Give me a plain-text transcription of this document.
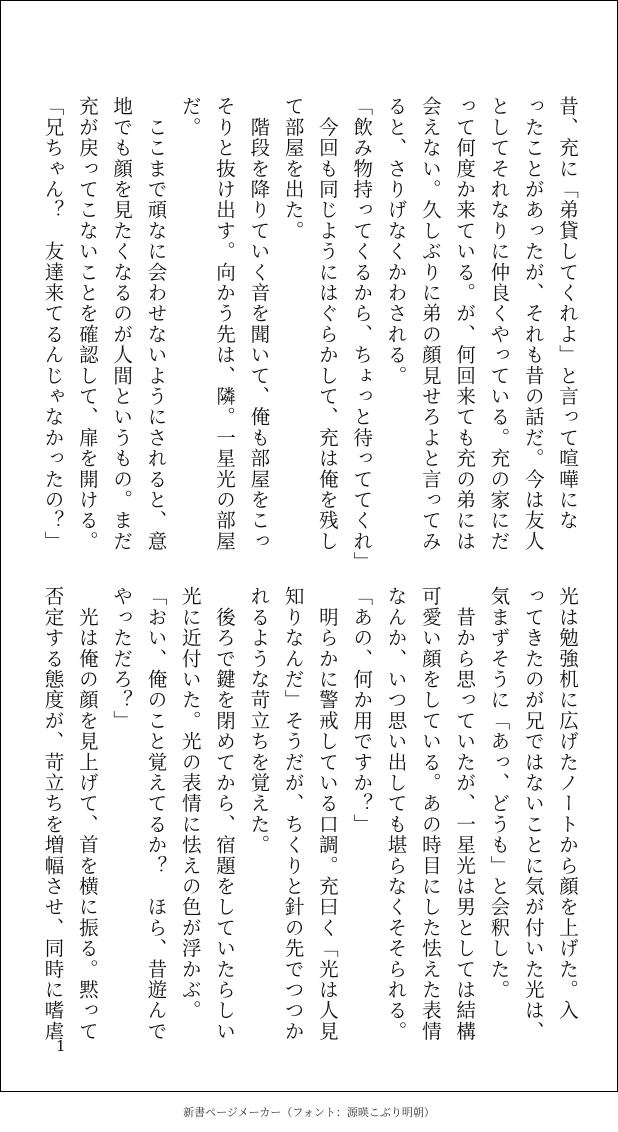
昔、充に「弟貸してくれよ」と言って喧嘩にな

ったことがあったが、それも昔の話だ。今は友人

としてそれなりに仲良くやっている。充の家にだ

って何度か来ている。が、何回来ても充の弟には

会えない。久しぶりに弟の顔見せろよと言ってみ

ると、さりげなくかわされる。

「飲み物持ってくるから、ちょっと待っててくれ」

　今回も同じようにはぐらかして、充は俺を残し

て部屋を出た。

　階段を降りていく音を聞いて、俺も部屋をこっ

そりと抜け出す。向かう先は、隣。一星光の部屋

だ。

　ここまで頑なに会わせないようにされると、意

地でも顔を見たくなるのが人間というもの。まだ

充が戻ってこないことを確認して、扉を開ける。

「兄ちゃん？　友達来てるんじゃなかったの？」

光は勉強机に広げたノートから顔を上げた。入

ってきたのが兄ではないことに気が付いた光は、

気まずそうに「あっ、どうも」と会釈した。

　昔から思っていたが、一星光は男としては結構

可愛い顔をしている。あの時目にした怯えた表情

なんか、いつ思い出しても堪らなくそそられる。

「あの、何か用ですか？」

　明らかに警戒している口調。充曰く「光は人見

知りなんだ」そうだが、ちくりと針の先でつつか

れるような苛立ちを覚えた。

　後ろで鍵を閉めてから、宿題をしていたらしい

光に近付いた。光の表情に怯えの色が浮かぶ。

「おい、俺のこと覚えてるか？　ほら、昔遊んで

やっただろ？」

　光は俺の顔を見上げて、首を横に振る。黙って

否定する態度が、苛立ちを増幅させ、同時に嗜虐

1
新書ページメーカー（フォント：源暎こぶり明朝）
